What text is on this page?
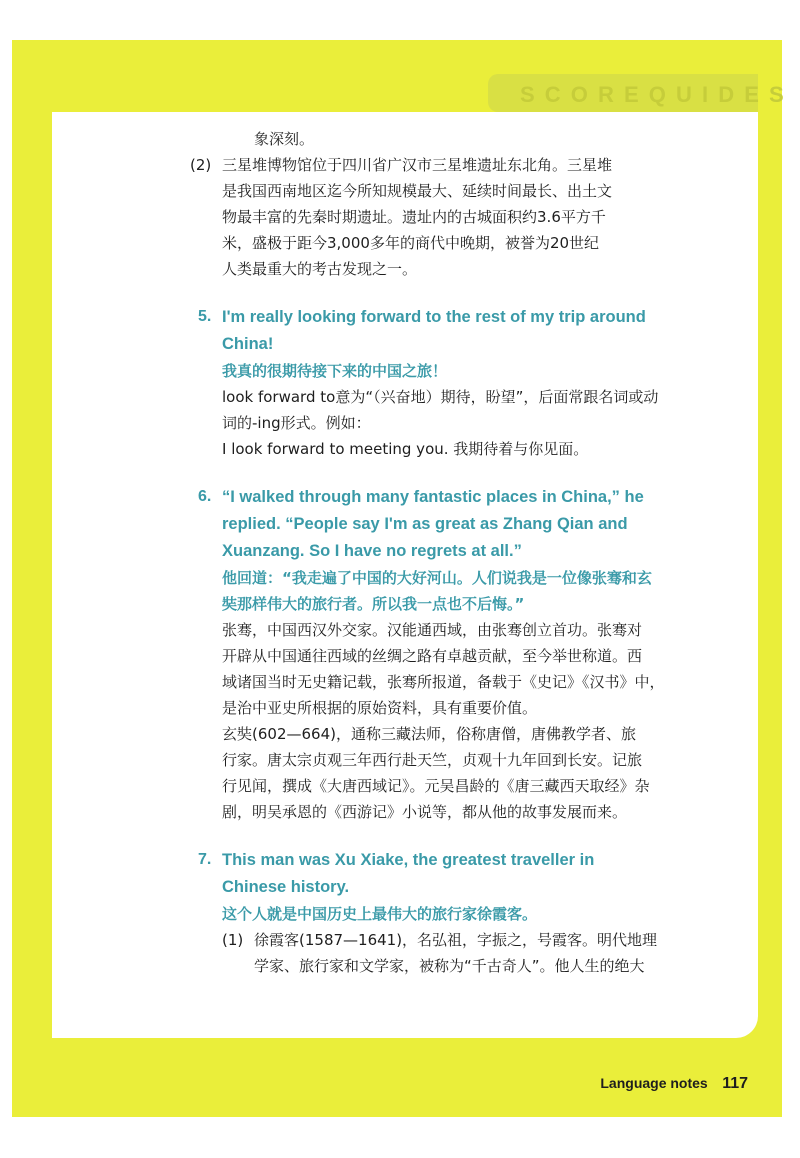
S C O R E Q U I D E S
象深刻。
(2) 三星堆博物馆位于四川省广汉市三星堆遗址东北角。三星堆
是我国西南地区迄今所知规模最大、延续时间最长、出土文
物最丰富的先秦时期遗址。遗址内的古城面积约3.6平方千
米，盛极于距今3,000多年的商代中晚期，被誉为20世纪
人类最重大的考古发现之一。
5. I'm really looking forward to the rest of my trip around
China!
我真的很期待接下来的中国之旅！
look forward to意为“（兴奋地）期待，盼望”，后面常跟名词或动
词的-ing形式。例如：
I look forward to meeting you. 我期待着与你见面。
6. “I walked through many fantastic places in China,” he
replied. “People say I'm as great as Zhang Qian and
Xuanzang. So I have no regrets at all.”
他回道：“我走遍了中国的大好河山。人们说我是一位像张骞和玄
奘那样伟大的旅行者。所以我一点也不后悔。”
张骞，中国西汉外交家。汉能通西域，由张骞创立首功。张骞对
开辟从中国通往西域的丝绸之路有卓越贡献，至今举世称道。西
域诸国当时无史籍记载，张骞所报道，备载于《史记》《汉书》中，
是治中亚史所根据的原始资料，具有重要价值。
玄奘(602—664)，通称三藏法师，俗称唐僧，唐佛教学者、旅
行家。唐太宗贞观三年西行赴天竺，贞观十九年回到长安。记旅
行见闻，撰成《大唐西域记》。元吴昌龄的《唐三藏西天取经》杂
剧，明吴承恩的《西游记》小说等，都从他的故事发展而来。
7. This man was Xu Xiake, the greatest traveller in
Chinese history.
这个人就是中国历史上最伟大的旅行家徐霞客。
(1) 徐霞客(1587—1641)，名弘祖，字振之，号霞客。明代地理
学家、旅行家和文学家，被称为“千古奇人”。他人生的绝大
Language notes 117
